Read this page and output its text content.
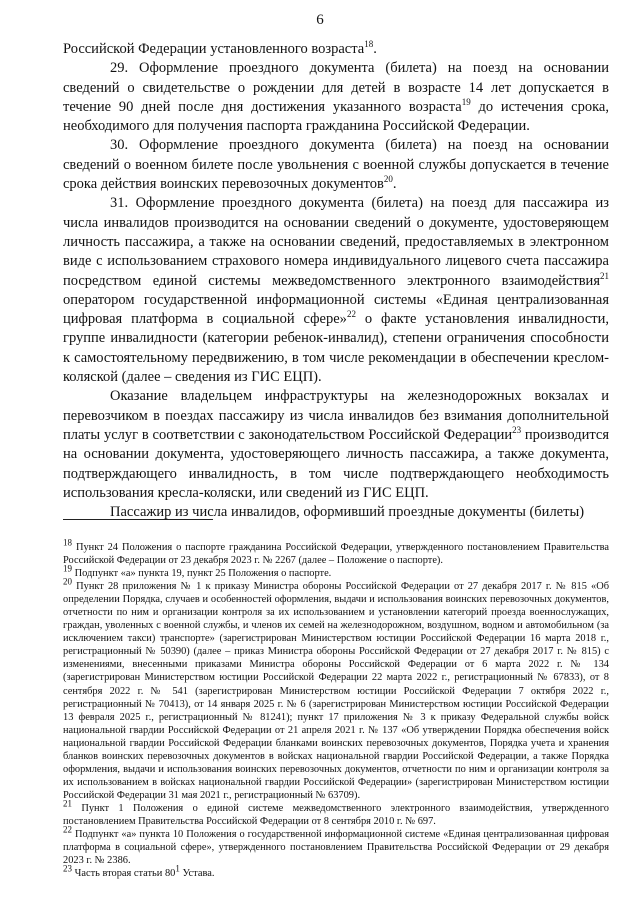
6

Российской Федерации установленного возраста$^{18}$.

29. Оформление проездного документа (билета) на поезд на основании сведений о свидетельстве о рождении для детей в возрасте 14 лет допускается в течение 90 дней после дня достижения указанного возраста$^{19}$ до истечения срока, необходимого для получения паспорта гражданина Российской Федерации.

30. Оформление проездного документа (билета) на поезд на основании сведений о военном билете после увольнения с военной службы допускается в течение срока действия воинских перевозочных документов$^{20}$.

31. Оформление проездного документа (билета) на поезд для пассажира из числа инвалидов производится на основании сведений о документе, удостоверяющем личность пассажира, а также на основании сведений, предоставляемых в электронном виде с использованием страхового номера индивидуального лицевого счета пассажира посредством единой системы межведомственного электронного взаимодействия$^{21}$ оператором государственной информационной системы «Единая централизованная цифровая платформа в социальной сфере»$^{22}$ о факте установления инвалидности, группе инвалидности (категории ребенок-инвалид), степени ограничения способности к самостоятельному передвижению, в том числе рекомендации в обеспечении креслом-коляской (далее – сведения из ГИС ЕЦП).

Оказание владельцем инфраструктуры на железнодорожных вокзалах и перевозчиком в поездах пассажиру из числа инвалидов без взимания дополнительной платы услуг в соответствии с законодательством Российской Федерации$^{23}$ производится на основании документа, удостоверяющего личность пассажира, а также документа, подтверждающего инвалидность, в том числе подтверждающего необходимость использования кресла-коляски, или сведений из ГИС ЕЦП.

Пассажир из числа инвалидов, оформивший проездные документы (билеты)

$^{18}$ Пункт 24 Положения о паспорте гражданина Российской Федерации, утвержденного постановлением Правительства Российской Федерации от 23 декабря 2023 г. № 2267 (далее – Положение о паспорте).

$^{19}$ Подпункт «а» пункта 19, пункт 25 Положения о паспорте.

$^{20}$ Пункт 28 приложения № 1 к приказу Министра обороны Российской Федерации от 27 декабря 2017 г. № 815 «Об определении Порядка, случаев и особенностей оформления, выдачи и использования воинских перевозочных документов, отчетности по ним и организации контроля за их использованием и установлении категорий проезда военнослужащих, граждан, уволенных с военной службы, и членов их семей на железнодорожном, воздушном, водном и автомобильном (за исключением такси) транспорте» (зарегистрирован Министерством юстиции Российской Федерации 16 марта 2018 г., регистрационный № 50390) (далее – приказ Министра обороны Российской Федерации от 27 декабря 2017 г. № 815) с изменениями, внесенными приказами Министра обороны Российской Федерации от 6 марта 2022 г. № 134 (зарегистрирован Министерством юстиции Российской Федерации 22 марта 2022 г., регистрационный № 67833), от 8 сентября 2022 г. № 541 (зарегистрирован Министерством юстиции Российской Федерации 7 октября 2022 г., регистрационный № 70413), от 14 января 2025 г. № 6 (зарегистрирован Министерством юстиции Российской Федерации 13 февраля 2025 г., регистрационный № 81241); пункт 17 приложения № 3 к приказу Федеральной службы войск национальной гвардии Российской Федерации от 21 апреля 2021 г. № 137 «Об утверждении Порядка обеспечения войск национальной гвардии Российской Федерации бланками воинских перевозочных документов, Порядка учета и хранения бланков воинских перевозочных документов в войсках национальной гвардии Российской Федерации, а также Порядка оформления, выдачи и использования воинских перевозочных документов, отчетности по ним и организации контроля за их использованием в войсках национальной гвардии Российской Федерации» (зарегистрирован Министерством юстиции Российской Федерации 31 мая 2021 г., регистрационный № 63709).

$^{21}$ Пункт 1 Положения о единой системе межведомственного электронного взаимодействия, утвержденного постановлением Правительства Российской Федерации от 8 сентября 2010 г. № 697.

$^{22}$ Подпункт «а» пункта 10 Положения о государственной информационной системе «Единая централизованная цифровая платформа в социальной сфере», утвержденного постановлением Правительства Российской Федерации от 29 декабря 2023 г. № 2386.

$^{23}$ Часть вторая статьи $80^1$ Устава.
